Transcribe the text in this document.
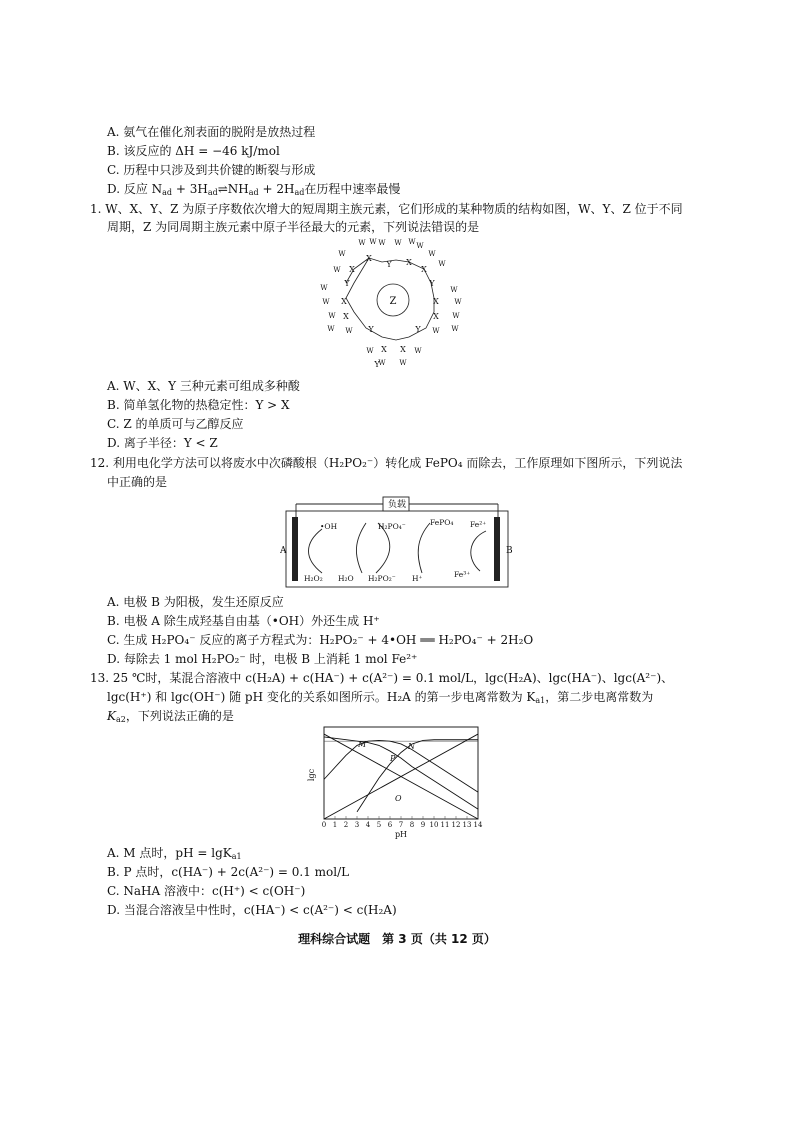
A. 氨气在催化剂表面的脱附是放热过程
B. 该反应的 ΔH = −46 kJ/mol
C. 历程中只涉及到共价键的断裂与形成
D. 反应 $N_{ad}$ + $3H_{ad}\rightleftharpoons NH_{ad} + 2H_{ad}$在历程中速率最慢
1. W、X、Y、Z 为原子序数依次增大的短周期主族元素，它们形成的某种物质的结构如图，W、Y、Z 位于不同
周期，Z 为同周期主族元素中原子半径最大的元素，下列说法错误的是
Z
X	X
Y
X
X
Y	Y
X	X
X	X
Y	Y
X X
Y
W W W W W W
W
W
W
W
W
W
W
W
W
W
W
W
W	W
W
W W
W
A. W、X、Y 三种元素可组成多种酸
B. 简单氢化物的热稳定性：Y > X
C. Z 的单质可与乙醇反应
D. 离子半径：Y < Z
12. 利用电化学方法可以将废水中次磷酸根（H₂PO₂⁻）转化成 FePO₄ 而除去，工作原理如下图所示，下列说法
中正确的是
负载
A	B
•OH	H₂PO₄⁻	FePO₄ Fe²⁺
H₂O₂ H₂O H₂PO₂⁻ H⁺	Fe³⁺
A. 电极 B 为阳极，发生还原反应
B. 电极 A 除生成羟基自由基（•OH）外还生成 H⁺
C. 生成 H₂PO₄⁻ 反应的离子方程式为：H₂PO₂⁻ + 4•OH ══ H₂PO₄⁻ + 2H₂O
D. 每除去 1 mol H₂PO₂⁻ 时，电极 B 上消耗 1 mol Fe²⁺
13. 25 ℃时，某混合溶液中 c(H₂A) + c(HA⁻) + c(A²⁻) = 0.1 mol/L，lgc(H₂A)、lgc(HA⁻)、lgc(A²⁻)、
lgc(H⁺) 和 lgc(OH⁻) 随 pH 变化的关系如图所示。H₂A 的第一步电离常数为 $K_{a1}$，第二步电离常数为
$K_{a2}$，下列说法正确的是
0 1 2 3 4 5 6 7 8 9 10 11 12 13 14
lgc
pH
M	N
P
O
A. M 点时，pH = lgK$_{a1}$
B. P 点时，c(HA⁻) + 2c(A²⁻) = 0.1 mol/L
C. NaHA 溶液中：c(H⁺) < c(OH⁻)
D. 当混合溶液呈中性时，c(HA⁻) < c(A²⁻) < c(H₂A)
理科综合试题　第 3 页（共 12 页）
